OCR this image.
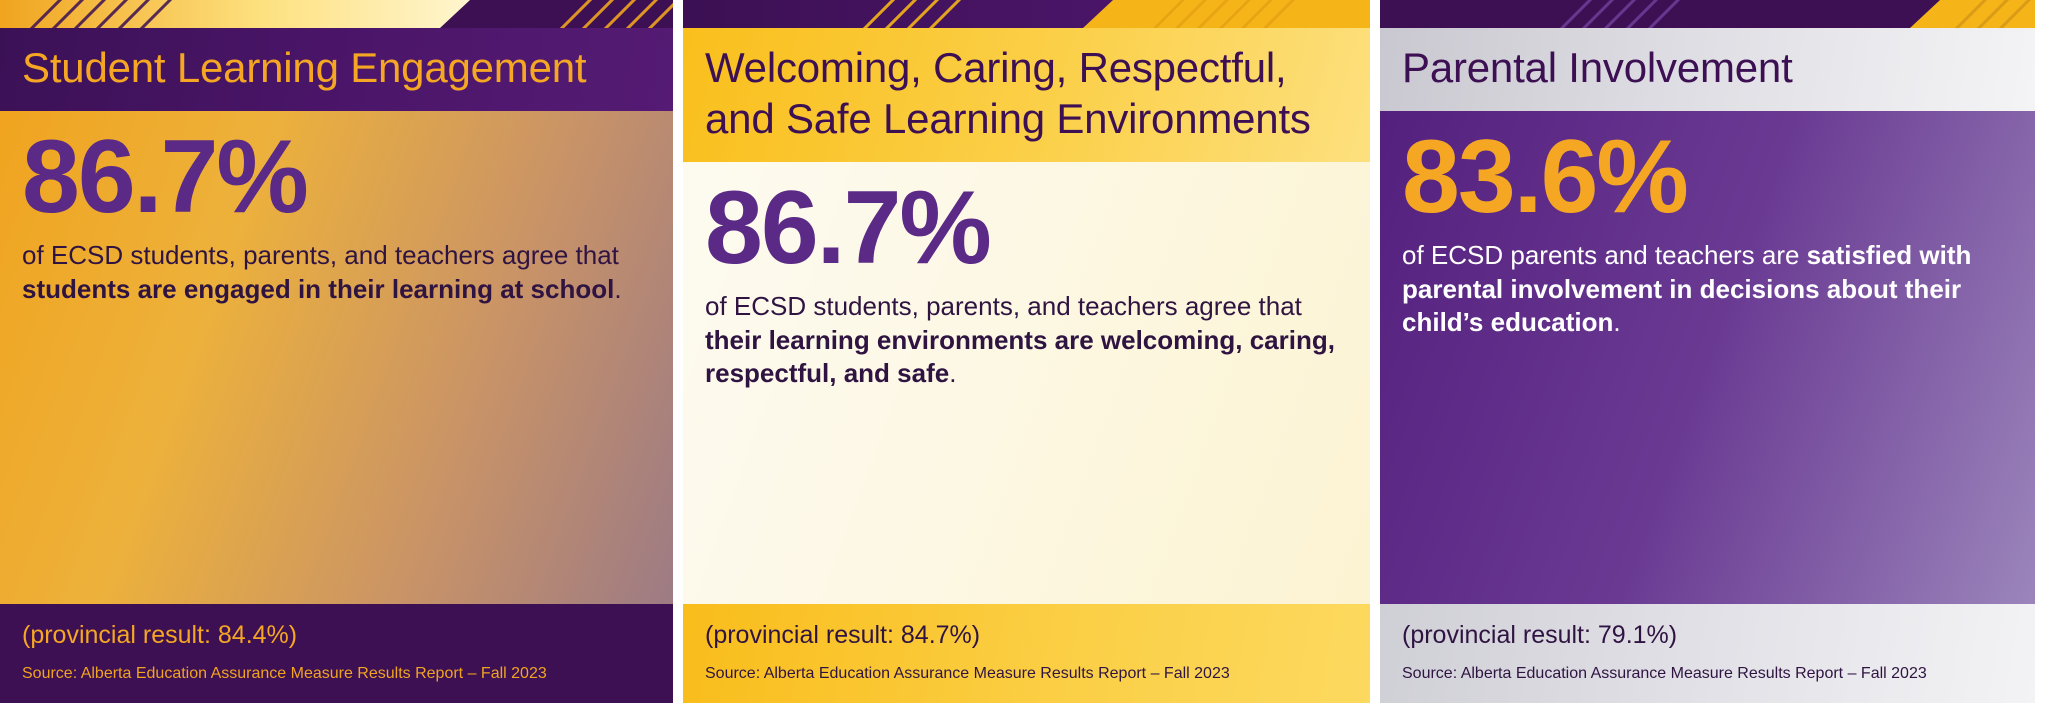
Student Learning Engagement
86.7%
of ECSD students, parents, and teachers agree that students are engaged in their learning at school.
(provincial result: 84.4%)
Source: Alberta Education Assurance Measure Results Report – Fall 2023
Welcoming, Caring, Respectful, and Safe Learning Environments
86.7%
of ECSD students, parents, and teachers agree that their learning environments are welcoming, caring, respectful, and safe.
(provincial result: 84.7%)
Source: Alberta Education Assurance Measure Results Report – Fall 2023
Parental Involvement
83.6%
of ECSD parents and teachers are satisfied with parental involvement in decisions about their child’s education.
(provincial result: 79.1%)
Source: Alberta Education Assurance Measure Results Report – Fall 2023
